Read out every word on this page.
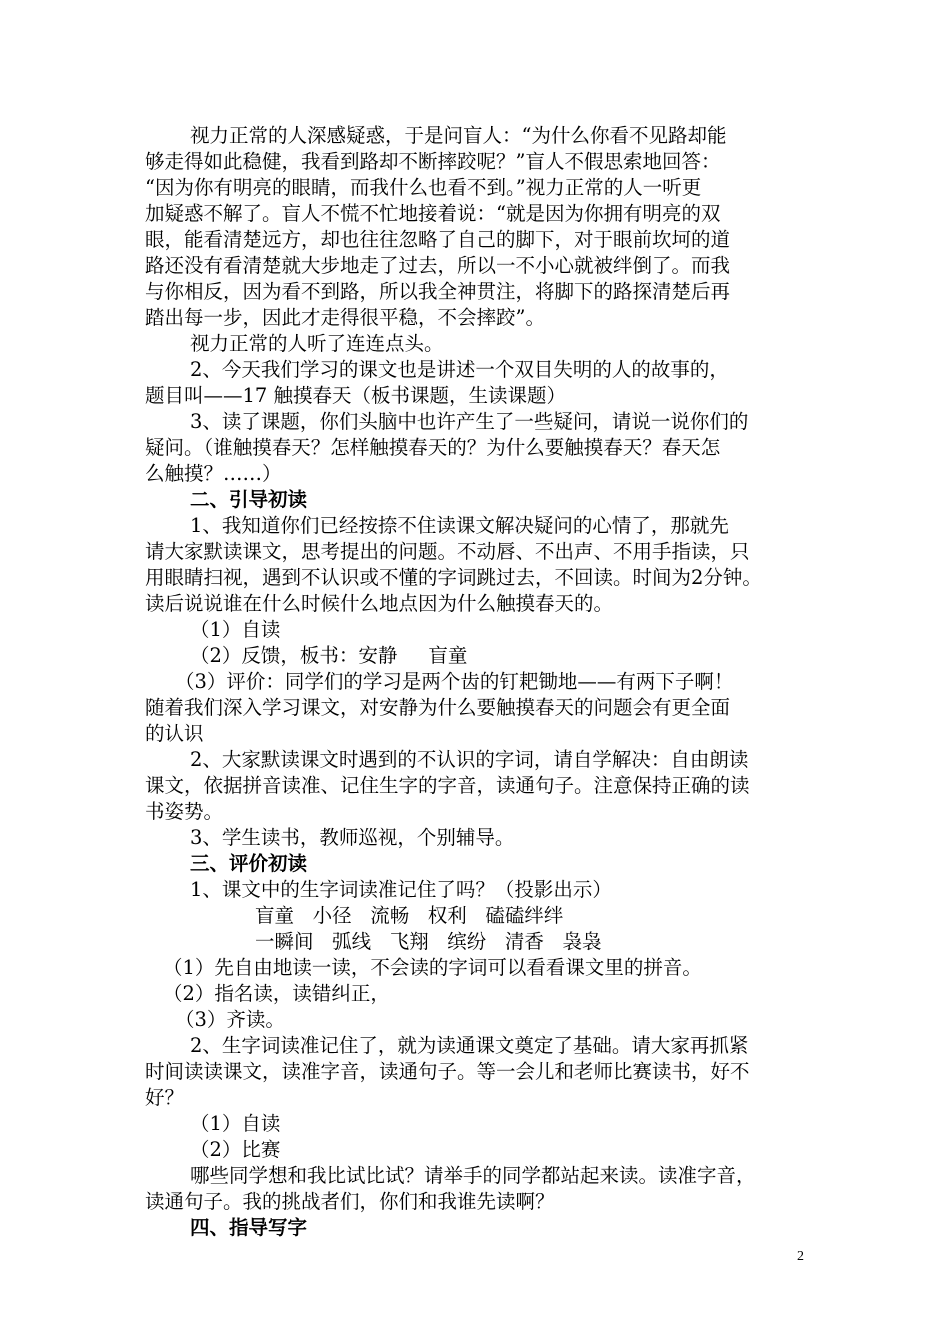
视力正常的人深感疑惑，于是问盲人：“为什么你看不见路却能
够走得如此稳健，我看到路却不断摔跤呢？”盲人不假思索地回答：
“因为你有明亮的眼睛，而我什么也看不到。”视力正常的人一听更
加疑惑不解了。盲人不慌不忙地接着说：“就是因为你拥有明亮的双
眼，能看清楚远方，却也往往忽略了自己的脚下，对于眼前坎坷的道
路还没有看清楚就大步地走了过去，所以一不小心就被绊倒了。而我
与你相反，因为看不到路，所以我全神贯注，将脚下的路探清楚后再
踏出每一步，因此才走得很平稳，不会摔跤”。
视力正常的人听了连连点头。
2、今天我们学习的课文也是讲述一个双目失明的人的故事的，
题目叫——17 触摸春天（板书课题，生读课题）
3、读了课题，你们头脑中也许产生了一些疑问，请说一说你们的
疑问。（谁触摸春天？怎样触摸春天的？为什么要触摸春天？春天怎
么触摸？……）
二、引导初读
1、我知道你们已经按捺不住读课文解决疑问的心情了，那就先
请大家默读课文，思考提出的问题。不动唇、不出声、不用手指读，只
用眼睛扫视，遇到不认识或不懂的字词跳过去，不回读。时间为2分钟。
读后说说谁在什么时候什么地点因为什么触摸春天的。
（1）自读
（2）反馈，板书：安静     盲童
（3）评价：同学们的学习是两个齿的钉耙锄地——有两下子啊！
随着我们深入学习课文，对安静为什么要触摸春天的问题会有更全面
的认识
2、大家默读课文时遇到的不认识的字词，请自学解决：自由朗读
课文，依据拼音读准、记住生字的字音，读通句子。注意保持正确的读
书姿势。
3、学生读书，教师巡视，个别辅导。
三、评价初读
1、课文中的生字词读准记住了吗？（投影出示）
盲童   小径   流畅   权利   磕磕绊绊
一瞬间   弧线   飞翔   缤纷   清香   袅袅
（1）先自由地读一读，不会读的字词可以看看课文里的拼音。
（2）指名读，读错纠正，
（3）齐读。
2、生字词读准记住了，就为读通课文奠定了基础。请大家再抓紧
时间读读课文，读准字音，读通句子。等一会儿和老师比赛读书，好不
好？
（1）自读
（2）比赛
哪些同学想和我比试比试？请举手的同学都站起来读。读准字音，
读通句子。我的挑战者们，你们和我谁先读啊？
四、指导写字
2
